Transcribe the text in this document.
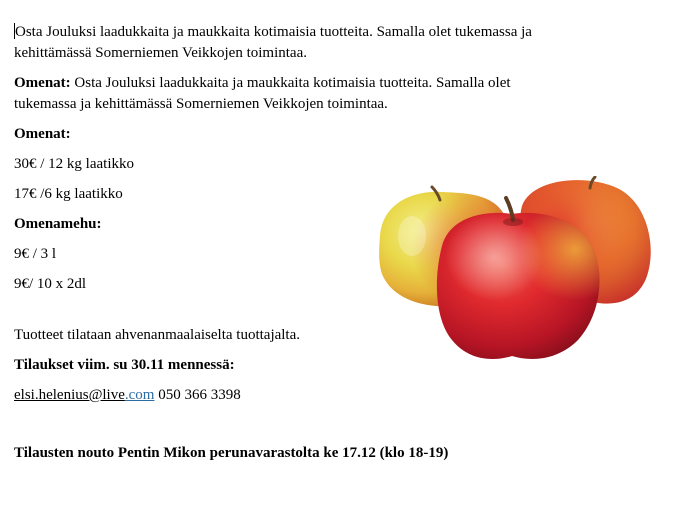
Osta Jouluksi laadukkaita ja maukkaita kotimaisia tuotteita. Samalla olet tukemassa ja kehittämässä Somerniemen Veikkojen toimintaa.
Omenat: Osta Jouluksi laadukkaita ja maukkaita kotimaisia tuotteita. Samalla olet tukemassa ja kehittämässä Somerniemen Veikkojen toimintaa.
Omenat:
30€ / 12 kg laatikko
17€ /6 kg laatikko
Omenamehu:
9€ / 3 l
9€/ 10 x 2dl
Tuotteet tilataan ahvenanmaalaiselta tuottajalta.
Tilaukset viim. su 30.11 mennessä:
elsi.helenius@live.com 050 366 3398
Tilausten nouto Pentin Mikon perunavarastolta ke 17.12 (klo 18-19)
